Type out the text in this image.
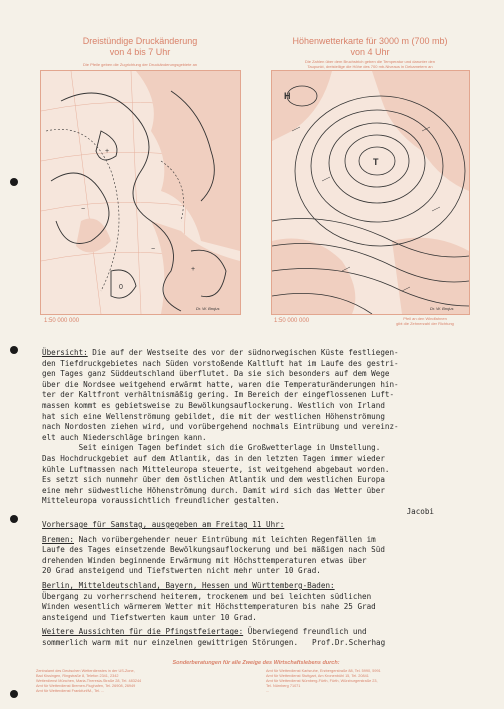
Dreistündige Druckänderung
von 4 bis 7 Uhr
Die Pfeile geben die Zugrichtung der Druckänderungsgebiete an
+
+
−
−
0
1:50 000 000
Dr. W. Brojus
Höhenwetterkarte für 3000 m (700 mb)
von 4 Uhr
Die Zahlen über dem Bruchstrich geben die Temperatur und darunter den
Taupunkt, dreistellige die Höhe des 700 mb-Niveaus in Dekametern an
T
H
1:50 000 000	Pfeil an den Windfahnen
gibt die Zehnerzahl der Richtung
Dr. W. Brojus

Übersicht: Die auf der Westseite des vor der südnorwegischen Küste festliegen-

den Tiefdruckgebietes nach Süden vorstoßende Kaltluft hat im Laufe des gestri-

gen Tages ganz Süddeutschland überflutet. Da sie sich besonders auf dem Wege

über die Nordsee weitgehend erwärmt hatte, waren die Temperaturänderungen hin-

ter der Kaltfront verhältnismäßig gering. Im Bereich der eingeflossenen Luft-

massen kommt es gebietsweise zu Bewölkungsauflockerung. Westlich von Irland

hat sich eine Wellenströmung gebildet, die mit der westlichen Höhenströmung

nach Nordosten ziehen wird, und vorübergehend nochmals Eintrübung und vereinz-

elt auch Niederschläge bringen kann.

Seit einigen Tagen befindet sich die Großwetterlage in Umstellung.

Das Hochdruckgebiet auf dem Atlantik, das in den letzten Tagen immer wieder

kühle Luftmassen nach Mitteleuropa steuerte, ist weitgehend abgebaut worden.

Es setzt sich nunmehr über dem östlichen Atlantik und dem westlichen Europa

eine mehr südwestliche Höhenströmung durch. Damit wird sich das Wetter über

Mitteleuropa voraussichtlich freundlicher gestalten.

Jacobi

Vorhersage für Samstag, ausgegeben am Freitag 11 Uhr:

Bremen: Nach vorübergehender neuer Eintrübung mit leichten Regenfällen im

Laufe des Tages einsetzende Bewölkungsauflockerung und bei mäßigen nach Süd

drehenden Winden beginnende Erwärmung mit Höchsttemperaturen etwas über

20 Grad ansteigend und Tiefstwerten nicht mehr unter 10 Grad.

Berlin, Mitteldeutschland, Bayern, Hessen und Württemberg-Baden:

Übergang zu vorherrschend heiterem, trockenem und bei leichten südlichen

Winden wesentlich wärmerem Wetter mit Höchsttemperaturen bis nahe 25 Grad

ansteigend und Tiefstwerten kaum unter 10 Grad.

Weitere Aussichten für die Pfingstfeiertage: Überwiegend freundlich und

sommerlich warm mit nur einzelnen gewittrigen Störungen. Prof.Dr.Scherhag

Sonderberatungen für alle Zweige des Wirtschaftslebens durch:
Zentralamt des Deutschen Wetterdienstes in der US-Zone,
Bad Kissingen, Ringstraße 8, Telefon 2341, 2342
Wetterdienst München, Maria-Theresia-Straße 28, Tel. 483244
Amt für Wetterdienst Bremen-Flughafen, Tel. 26908, 26949
Amt für Wetterdienst Frankfurt/M., Tel. ...
Amt für Wetterdienst Karlsruhe, Erzbergerstraße 88, Tel. 5990, 5991
Amt für Wetterdienst Stuttgart, Am Kronenbühl 15, Tel. 20841
Amt für Wetterdienst Nürnberg-Fürth, Fürth, Würzburgerstraße 23,
Tel. Nürnberg 71071
...
